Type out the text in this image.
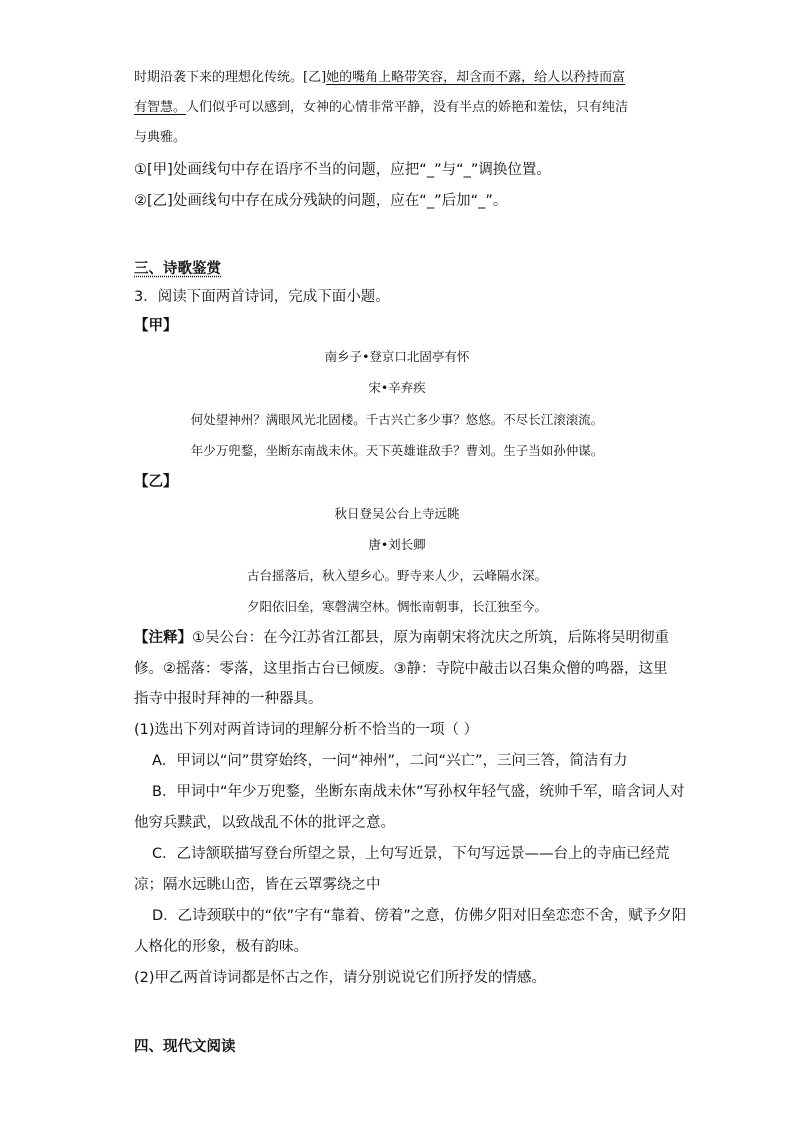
时期沿袭下来的理想化传统。[乙]她的嘴角上略带笑容，却含而不露，给人以矜持而富
有智慧。人们似乎可以感到，女神的心情非常平静，没有半点的娇艳和羞怯，只有纯洁
与典雅。
①[甲]处画线句中存在语序不当的问题，应把“_”与“_”调换位置。
②[乙]处画线句中存在成分残缺的问题，应在“_”后加“_”。
三、诗歌鉴赏
3．阅读下面两首诗词，完成下面小题。
【甲】
南乡子•登京口北固亭有怀
宋•辛弃疾
何处望神州？满眼风光北固楼。千古兴亡多少事？悠悠。不尽长江滚滚流。
年少万兜鍪，坐断东南战未休。天下英雄谁敌手？曹刘。生子当如孙仲谋。
【乙】
秋日登吴公台上寺远眺
唐•刘长卿
古台摇落后，秋入望乡心。野寺来人少，云峰隔水深。
夕阳依旧垒，寒磬满空林。惆怅南朝事，长江独至今。
【注释】①吴公台：在今江苏省江都县，原为南朝宋将沈庆之所筑，后陈将吴明彻重
修。②摇落：零落，这里指古台已倾废。③静：寺院中敲击以召集众僧的鸣器，这里
指寺中报时拜神的一种器具。
(1)选出下列对两首诗词的理解分析不恰当的一项（ ）
A．甲词以“问”贯穿始终，一问“神州”，二问“兴亡”，三问三答，简洁有力
B．甲词中“年少万兜鍪，坐断东南战未休”写孙权年轻气盛，统帅千军，暗含词人对
他穷兵黩武，以致战乱不休的批评之意。
C．乙诗颔联描写登台所望之景，上句写近景，下句写远景——台上的寺庙已经荒
凉；隔水远眺山峦，皆在云罩雾绕之中
D．乙诗颈联中的“依”字有“靠着、傍着”之意，仿佛夕阳对旧垒恋恋不舍，赋予夕阳
人格化的形象，极有韵味。
(2)甲乙两首诗词都是怀古之作，请分别说说它们所抒发的情感。
四、现代文阅读
